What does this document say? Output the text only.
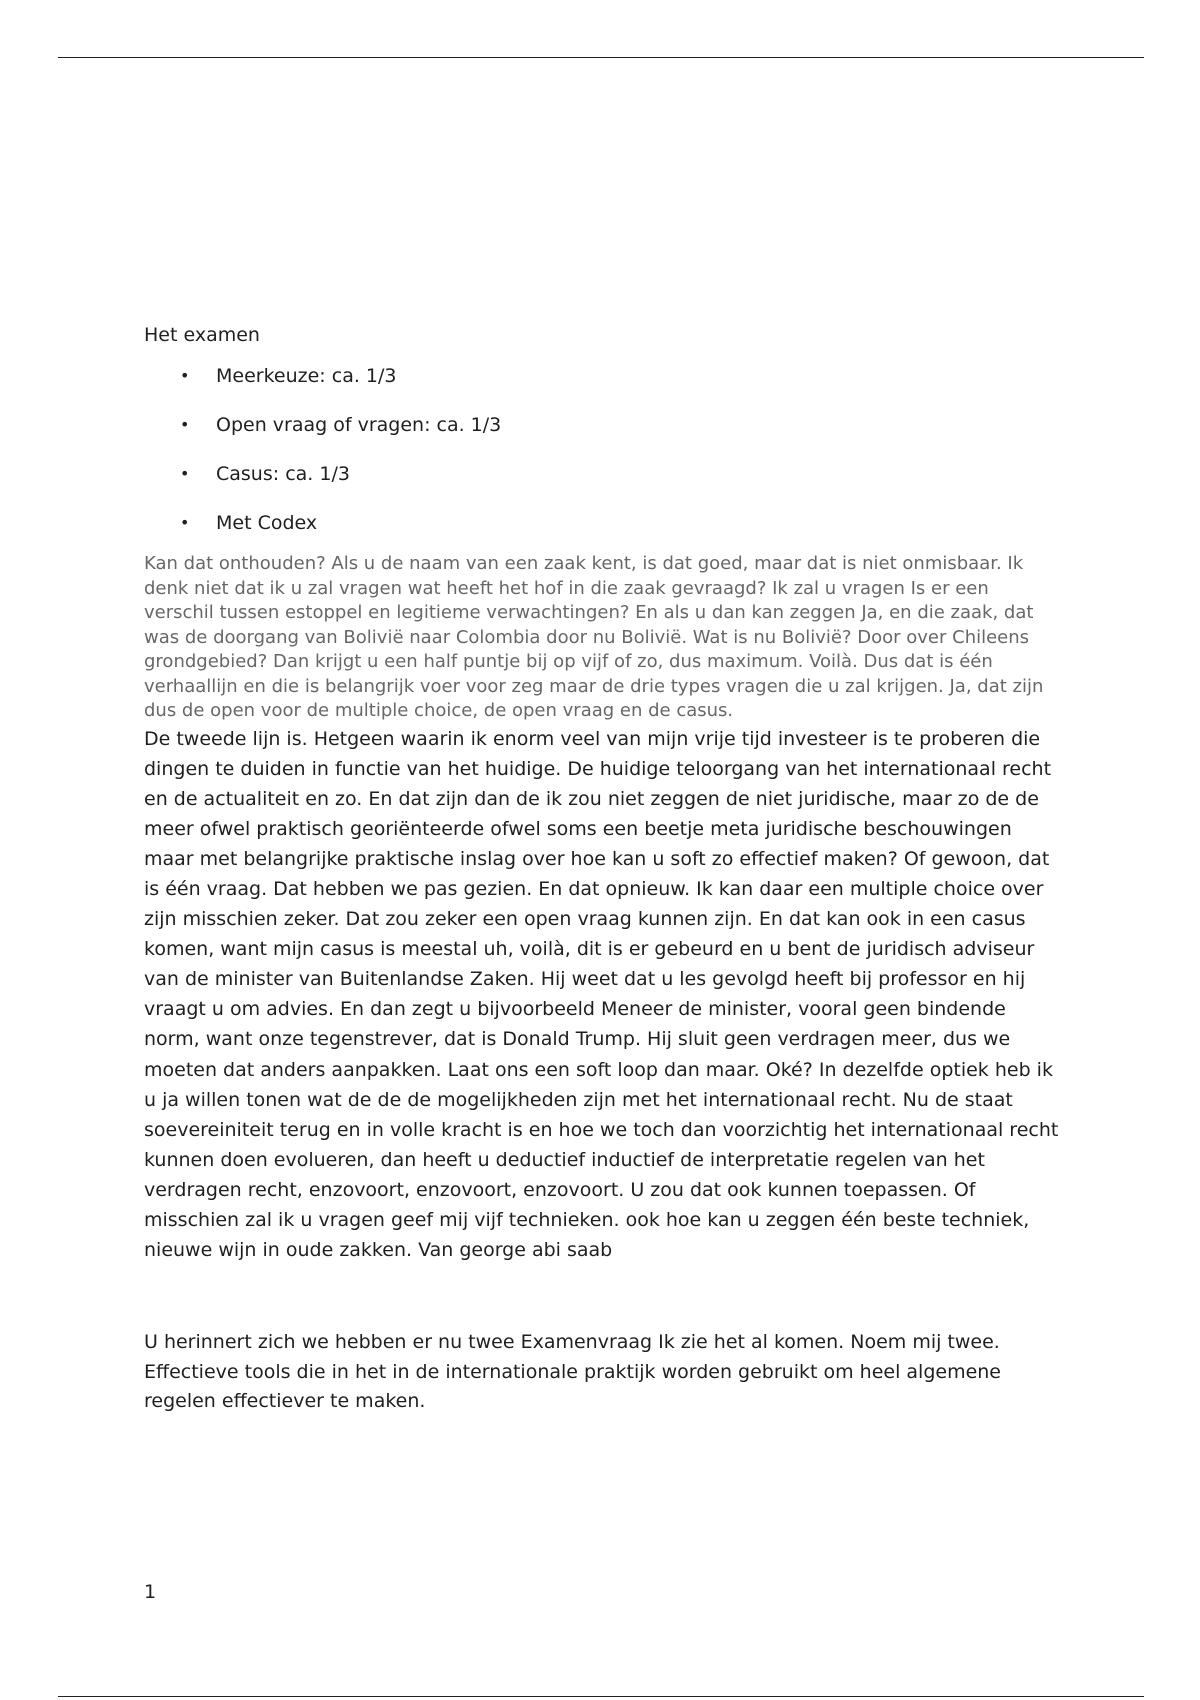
Het examen

• Meerkeuze: ca. 1/3
• Open vraag of vragen: ca. 1/3
• Casus: ca. 1/3
• Met Codex

Kan dat onthouden? Als u de naam van een zaak kent, is dat goed, maar dat is niet onmisbaar. Ik denk niet dat ik u zal vragen wat heeft het hof in die zaak gevraagd? Ik zal u vragen Is er een verschil tussen estoppel en legitieme verwachtingen? En als u dan kan zeggen Ja, en die zaak, dat was de doorgang van Bolivië naar Colombia door nu Bolivië. Wat is nu Bolivië? Door over Chileens grondgebied? Dan krijgt u een half puntje bij op vijf of zo, dus maximum. Voilà. Dus dat is één verhaallijn en die is belangrijk voer voor zeg maar de drie types vragen die u zal krijgen. Ja, dat zijn dus de open voor de multiple choice, de open vraag en de casus.

De tweede lijn is. Hetgeen waarin ik enorm veel van mijn vrije tijd investeer is te proberen die dingen te duiden in functie van het huidige. De huidige teloorgang van het internationaal recht en de actualiteit en zo. En dat zijn dan de ik zou niet zeggen de niet juridische, maar zo de de meer ofwel praktisch georiënteerde ofwel soms een beetje meta juridische beschouwingen maar met belangrijke praktische inslag over hoe kan u soft zo effectief maken? Of gewoon, dat is één vraag. Dat hebben we pas gezien. En dat opnieuw. Ik kan daar een multiple choice over zijn misschien zeker. Dat zou zeker een open vraag kunnen zijn. En dat kan ook in een casus komen, want mijn casus is meestal uh, voilà, dit is er gebeurd en u bent de juridisch adviseur van de minister van Buitenlandse Zaken. Hij weet dat u les gevolgd heeft bij professor en hij vraagt u om advies. En dan zegt u bijvoorbeeld Meneer de minister, vooral geen bindende norm, want onze tegenstrever, dat is Donald Trump. Hij sluit geen verdragen meer, dus we moeten dat anders aanpakken. Laat ons een soft loop dan maar. Oké? In dezelfde optiek heb ik u ja willen tonen wat de de de mogelijkheden zijn met het internationaal recht. Nu de staat soevereiniteit terug en in volle kracht is en hoe we toch dan voorzichtig het internationaal recht kunnen doen evolueren, dan heeft u deductief inductief de interpretatie regelen van het verdragen recht, enzovoort, enzovoort, enzovoort. U zou dat ook kunnen toepassen. Of misschien zal ik u vragen geef mij vijf technieken. ook hoe kan u zeggen één beste techniek, nieuwe wijn in oude zakken. Van george abi saab

U herinnert zich we hebben er nu twee Examenvraag Ik zie het al komen. Noem mij twee. Effectieve tools die in het in de internationale praktijk worden gebruikt om heel algemene regelen effectiever te maken.

1
